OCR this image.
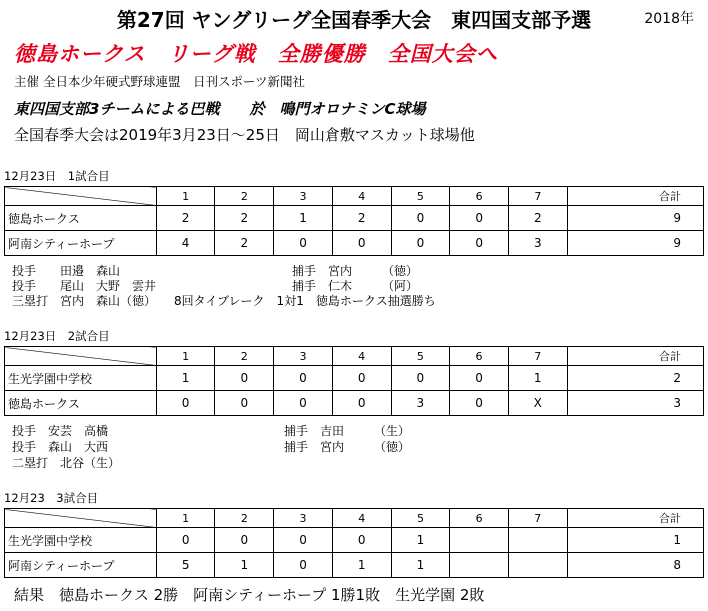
第27回 ヤングリーグ全国春季大会　東四国支部予選	2018年
徳島ホークス　リーグ戦　全勝優勝　全国大会へ
主催 全日本少年硬式野球連盟　日刊スポーツ新聞社
東四国支部3チームによる巴戦　　於　鳴門オロナミンC球場
全国春季大会は2019年3月23日～25日　岡山倉敷マスカット球場他
12月23日　1試合目
	1	2	3	4	5	6	7	合計
徳島ホークス	2	2	1	2	0	0	2	9
阿南シティーホープ	4	2	0	0	0	0	3	9
投手　　田邉　森山	捕手　宮内　　　（徳）
投手　　尾山　大野　雲井	捕手　仁木　　　（阿）
三塁打　宮内　森山（徳）　　8回タイブレーク　1対1　徳島ホークス抽選勝ち
12月23日　2試合目
	1	2	3	4	5	6	7	合計
生光学園中学校	1	0	0	0	0	0	1	2
徳島ホークス	0	0	0	0	3	0	X	3
投手　安芸　高橋	捕手　吉田　　　（生）
投手　森山　大西	捕手　宮内　　　（徳）
二塁打　北谷（生）
12月23　3試合目
	1	2	3	4	5	6	7	合計
生光学園中学校	0	0	0	0	1			1
阿南シティーホープ	5	1	0	1	1			8
結果　徳島ホークス 2勝　阿南シティーホープ 1勝1敗　生光学園 2敗
